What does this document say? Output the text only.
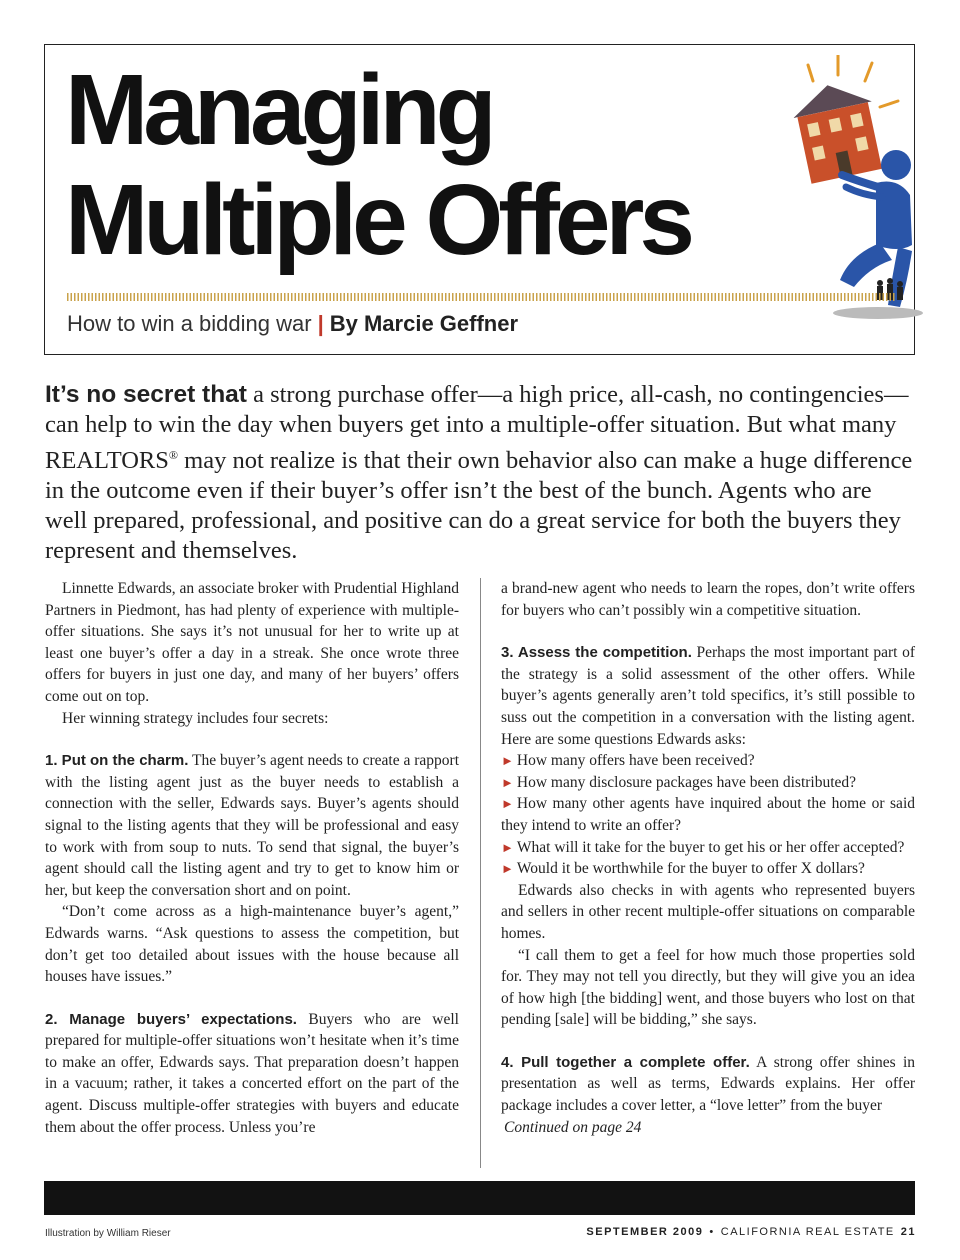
Managing
Multiple Offers
How to win a bidding war | By Marcie Geffner

It’s no secret that a strong purchase offer—a high price, all-cash, no contingencies—can help to win the day when buyers get into a multiple-offer situation. But what many REALTORS® may not realize is that their own behavior also can make a huge difference in the outcome even if their buyer’s offer isn’t the best of the bunch. Agents who are well prepared, professional, and positive can do a great service for both the buyers they represent and themselves.

Linnette Edwards, an associate broker with Prudential Highland Partners in Piedmont, has had plenty of experience with multiple-offer situations. She says it’s not unusual for her to write up at least one buyer’s offer a day in a streak. She once wrote three offers for buyers in just one day, and many of her buyers’ offers come out on top.

Her winning strategy includes four secrets:

1. Put on the charm. The buyer’s agent needs to create a rapport with the listing agent just as the buyer needs to establish a connection with the seller, Edwards says. Buyer’s agents should signal to the listing agents that they will be professional and easy to work with from soup to nuts. To send that signal, the buyer’s agent should call the listing agent and try to get to know him or her, but keep the conversation short and on point.

“Don’t come across as a high-maintenance buyer’s agent,” Edwards warns. “Ask questions to assess the competition, but don’t get too detailed about issues with the house because all houses have issues.”

2. Manage buyers’ expectations. Buyers who are well prepared for multiple-offer situations won’t hesitate when it’s time to make an offer, Edwards says. That preparation doesn’t happen in a vacuum; rather, it takes a concerted effort on the part of the agent. Discuss multiple-offer strategies with buyers and educate them about the offer process. Unless you’re

a brand-new agent who needs to learn the ropes, don’t write offers for buyers who can’t possibly win a competitive situation.

3. Assess the competition. Perhaps the most important part of the strategy is a solid assessment of the other offers. While buyer’s agents generally aren’t told specifics, it’s still possible to suss out the competition in a conversation with the listing agent. Here are some questions Edwards asks:

► How many offers have been received?

► How many disclosure packages have been distributed?

► How many other agents have inquired about the home or said they intend to write an offer?

► What will it take for the buyer to get his or her offer accepted?

► Would it be worthwhile for the buyer to offer X dollars?

Edwards also checks in with agents who represented buyers and sellers in other recent multiple-offer situations on comparable homes.

“I call them to get a feel for how much those properties sold for. They may not tell you directly, but they will give you an idea of how high [the bidding] went, and those buyers who lost on that pending [sale] will be bidding,” she says.

4. Pull together a complete offer. A strong offer shines in presentation as well as terms, Edwards explains. Her offer package includes a cover letter, a “love letter” from the buyer

Continued on page 24

Illustration by William Rieser	SEPTEMBER 2009 • CALIFORNIA REAL ESTATE 21
